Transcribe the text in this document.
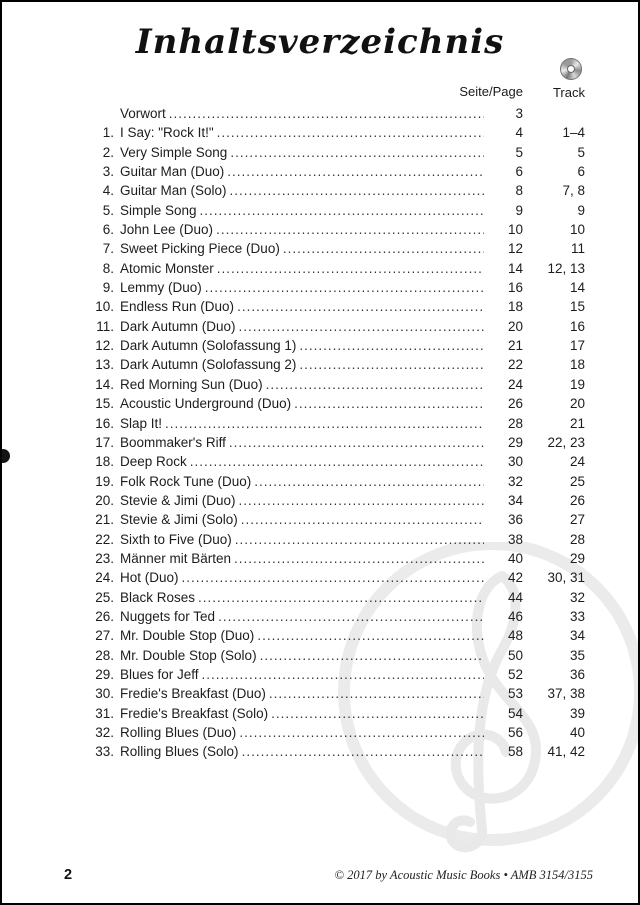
Inhaltsverzeichnis
Seite/Page Track
Vorwort .....	3
1. I Say: "Rock It!" .....	4	1–4
2. Very Simple Song .....	5	5
3. Guitar Man (Duo) .....	6	6
4. Guitar Man (Solo) .....	8	7, 8
5. Simple Song .....	9	9
6. John Lee (Duo) .....	10	10
7. Sweet Picking Piece (Duo) .....	12	11
8. Atomic Monster .....	14	12, 13
9. Lemmy (Duo) .....	16	14
10. Endless Run (Duo) .....	18	15
11. Dark Autumn (Duo) .....	20	16
12. Dark Autumn (Solofassung 1) .....	21	17
13. Dark Autumn (Solofassung 2) .....	22	18
14. Red Morning Sun (Duo) .....	24	19
15. Acoustic Underground (Duo) .....	26	20
16. Slap It! .....	28	21
17. Boommaker's Riff .....	29	22, 23
18. Deep Rock .....	30	24
19. Folk Rock Tune (Duo) .....	32	25
20. Stevie & Jimi (Duo) .....	34	26
21. Stevie & Jimi (Solo) .....	36	27
22. Sixth to Five (Duo) .....	38	28
23. Männer mit Bärten .....	40	29
24. Hot (Duo) .....	42	30, 31
25. Black Roses .....	44	32
26. Nuggets for Ted .....	46	33
27. Mr. Double Stop (Duo) .....	48	34
28. Mr. Double Stop (Solo) .....	50	35
29. Blues for Jeff .....	52	36
30. Fredie's Breakfast (Duo) .....	53	37, 38
31. Fredie's Breakfast (Solo) .....	54	39
32. Rolling Blues (Duo) .....	56	40
33. Rolling Blues (Solo) .....	58	41, 42
2	© 2017 by Acoustic Music Books • AMB 3154/3155
